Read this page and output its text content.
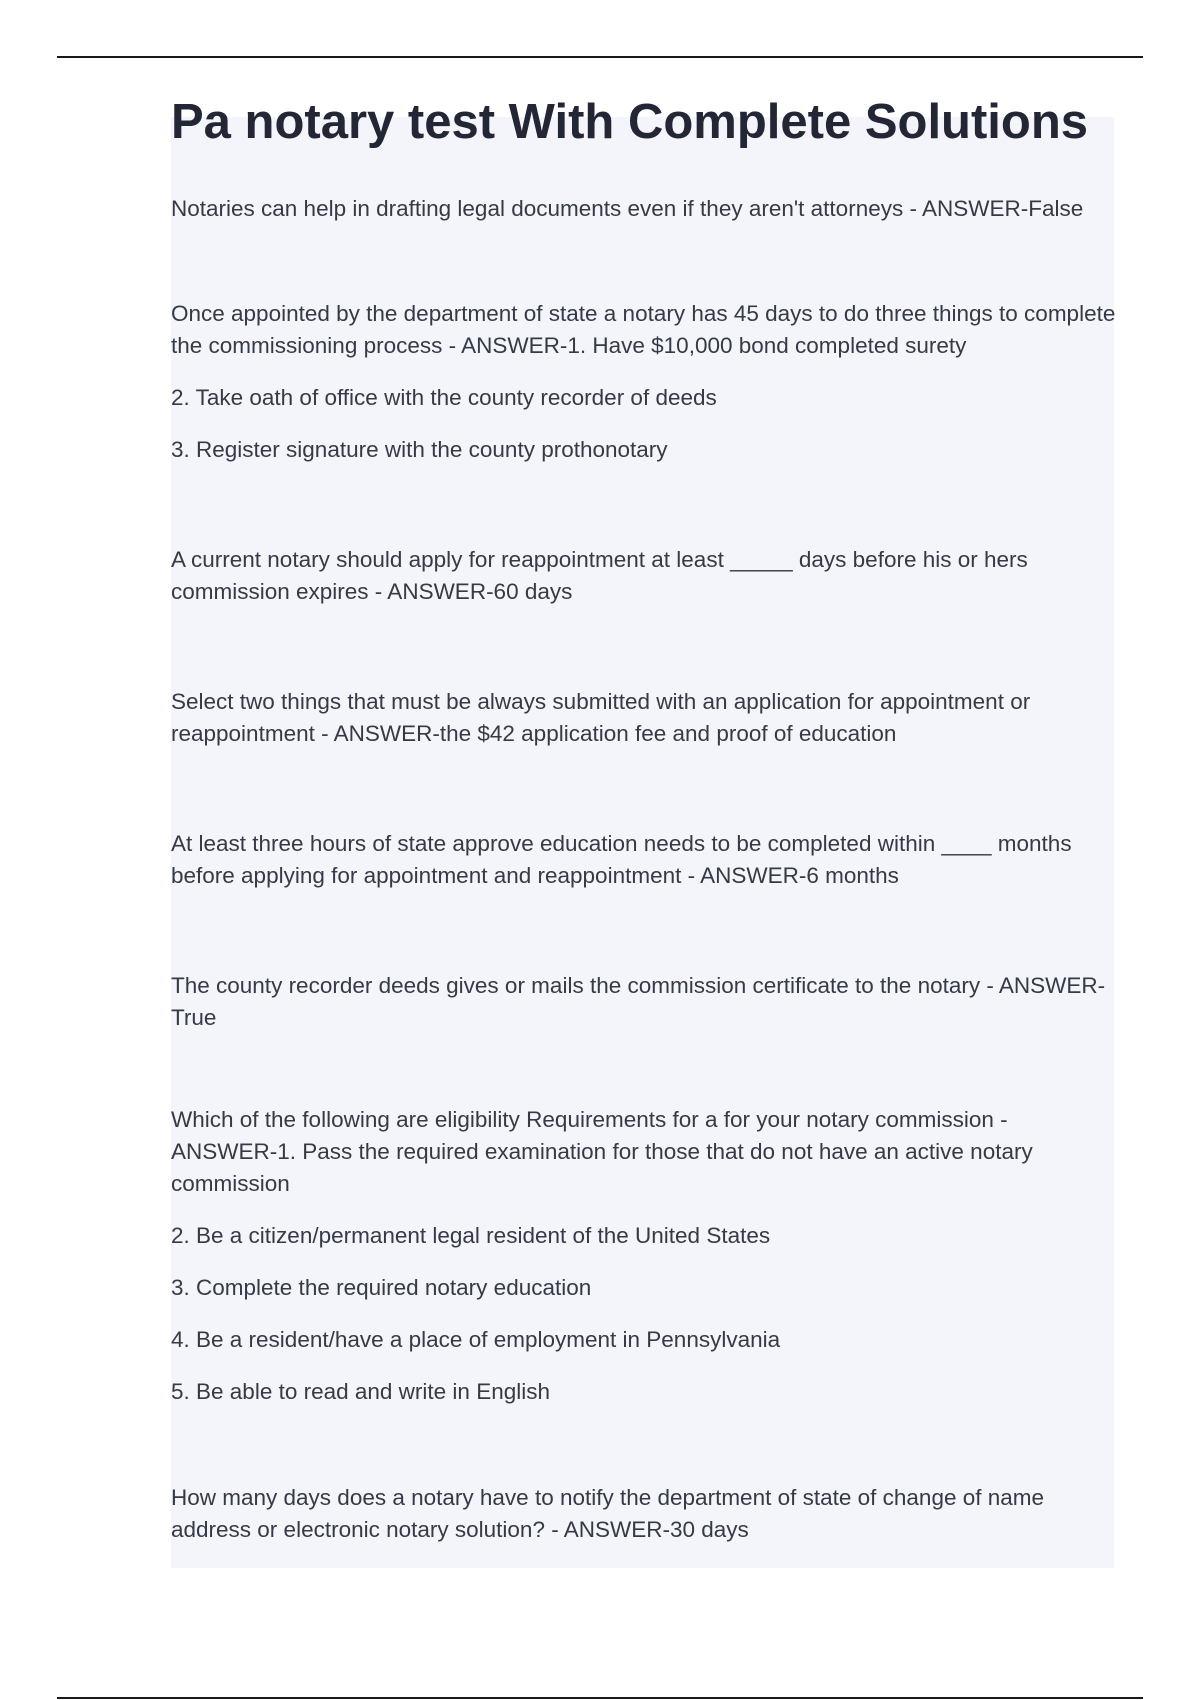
Pa notary test With Complete Solutions

Notaries can help in drafting legal documents even if they aren't attorneys - ANSWER-False

Once appointed by the department of state a notary has 45 days to do three things to complete the commissioning process - ANSWER-1. Have $10,000 bond completed surety

2. Take oath of office with the county recorder of deeds

3. Register signature with the county prothonotary

A current notary should apply for reappointment at least _____ days before his or hers commission expires - ANSWER-60 days

Select two things that must be always submitted with an application for appointment or reappointment - ANSWER-the $42 application fee and proof of education

At least three hours of state approve education needs to be completed within ____ months before applying for appointment and reappointment - ANSWER-6 months

The county recorder deeds gives or mails the commission certificate to the notary - ANSWER-True

Which of the following are eligibility Requirements for a for your notary commission - ANSWER-1. Pass the required examination for those that do not have an active notary commission

2. Be a citizen/permanent legal resident of the United States

3. Complete the required notary education

4. Be a resident/have a place of employment in Pennsylvania

5. Be able to read and write in English

How many days does a notary have to notify the department of state of change of name address or electronic notary solution? - ANSWER-30 days
